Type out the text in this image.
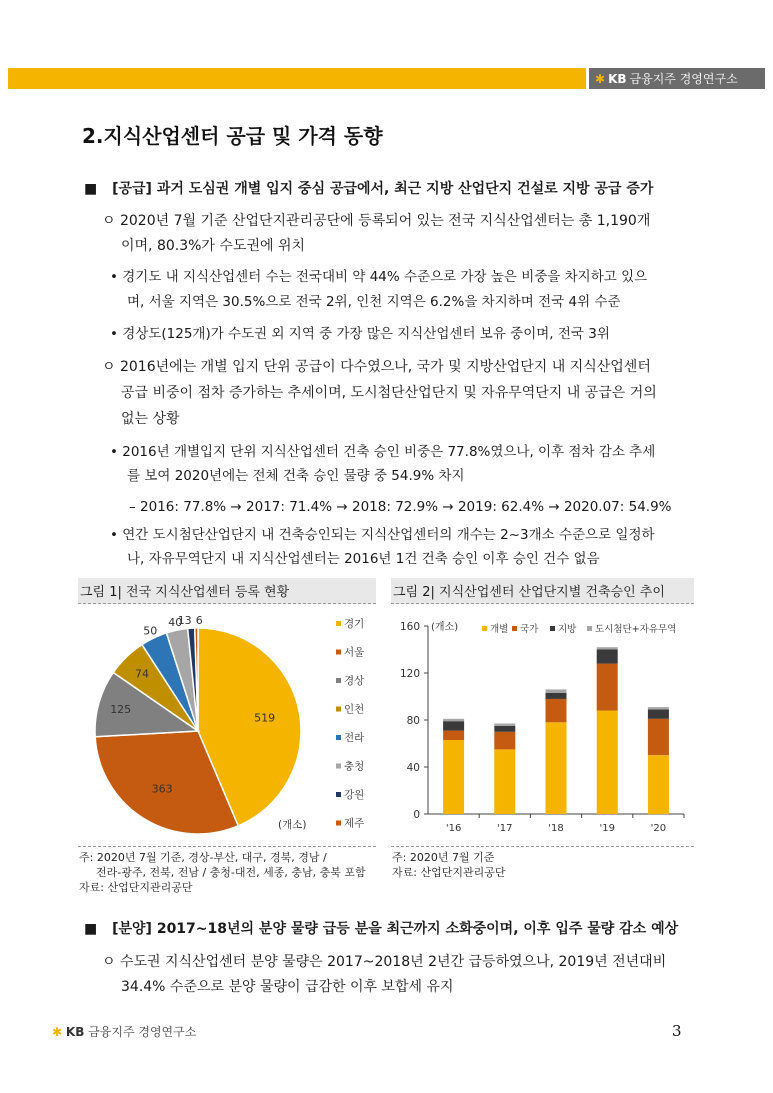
✱ KB 금융지주 경영연구소
2.지식산업센터 공급 및 가격 동향
■ [공급] 과거 도심권 개별 입지 중심 공급에서, 최근 지방 산업단지 건설로 지방 공급 증가
ㅇ 2020년 7월 기준 산업단지관리공단에 등록되어 있는 전국 지식산업센터는 총 1,190개
이며, 80.3%가 수도권에 위치
• 경기도 내 지식산업센터 수는 전국대비 약 44% 수준으로 가장 높은 비중을 차지하고 있으
며, 서울 지역은 30.5%으로 전국 2위, 인천 지역은 6.2%을 차지하며 전국 4위 수준
• 경상도(125개)가 수도권 외 지역 중 가장 많은 지식산업센터 보유 중이며, 전국 3위
ㅇ 2016년에는 개별 입지 단위 공급이 다수였으나, 국가 및 지방산업단지 내 지식산업센터
공급 비중이 점차 증가하는 추세이며, 도시첨단산업단지 및 자유무역단지 내 공급은 거의
없는 상황
• 2016년 개별입지 단위 지식산업센터 건축 승인 비중은 77.8%였으나, 이후 점차 감소 추세
를 보여 2020년에는 전체 건축 승인 물량 중 54.9% 차지
– 2016: 77.8% → 2017: 71.4% → 2018: 72.9% → 2019: 62.4% → 2020.07: 54.9%
• 연간 도시첨단산업단지 내 건축승인되는 지식산업센터의 개수는 2~3개소 수준으로 일정하
나, 자유무역단지 내 지식산업센터는 2016년 1건 건축 승인 이후 승인 건수 없음
그림 1| 전국 지식산업센터 등록 현황
519
363
125
74
50
40
13 6
(개소)
경기
서울
경상
인천
전라
충청
강원
제주
주: 2020년 7월 기준, 경상-부산, 대구, 경북, 경남 /
전라-광주, 전북, 전남 / 충청-대전, 세종, 충남, 충북 포함
자료: 산업단지관리공단
그림 2| 지식산업센터 산업단지별 건축승인 추이
0
40
80
120
160 (개소)
'16	'17	'18	'19	'20
개별 국가 지방 도시첨단+자유무역
주: 2020년 7월 기준
자료: 산업단지관리공단
■ [분양] 2017~18년의 분양 물량 급등 분을 최근까지 소화중이며, 이후 입주 물량 감소 예상
ㅇ 수도권 지식산업센터 분양 물량은 2017~2018년 2년간 급등하였으나, 2019년 전년대비
34.4% 수준으로 분양 물량이 급감한 이후 보합세 유지
✱ KB 금융지주 경영연구소	3
